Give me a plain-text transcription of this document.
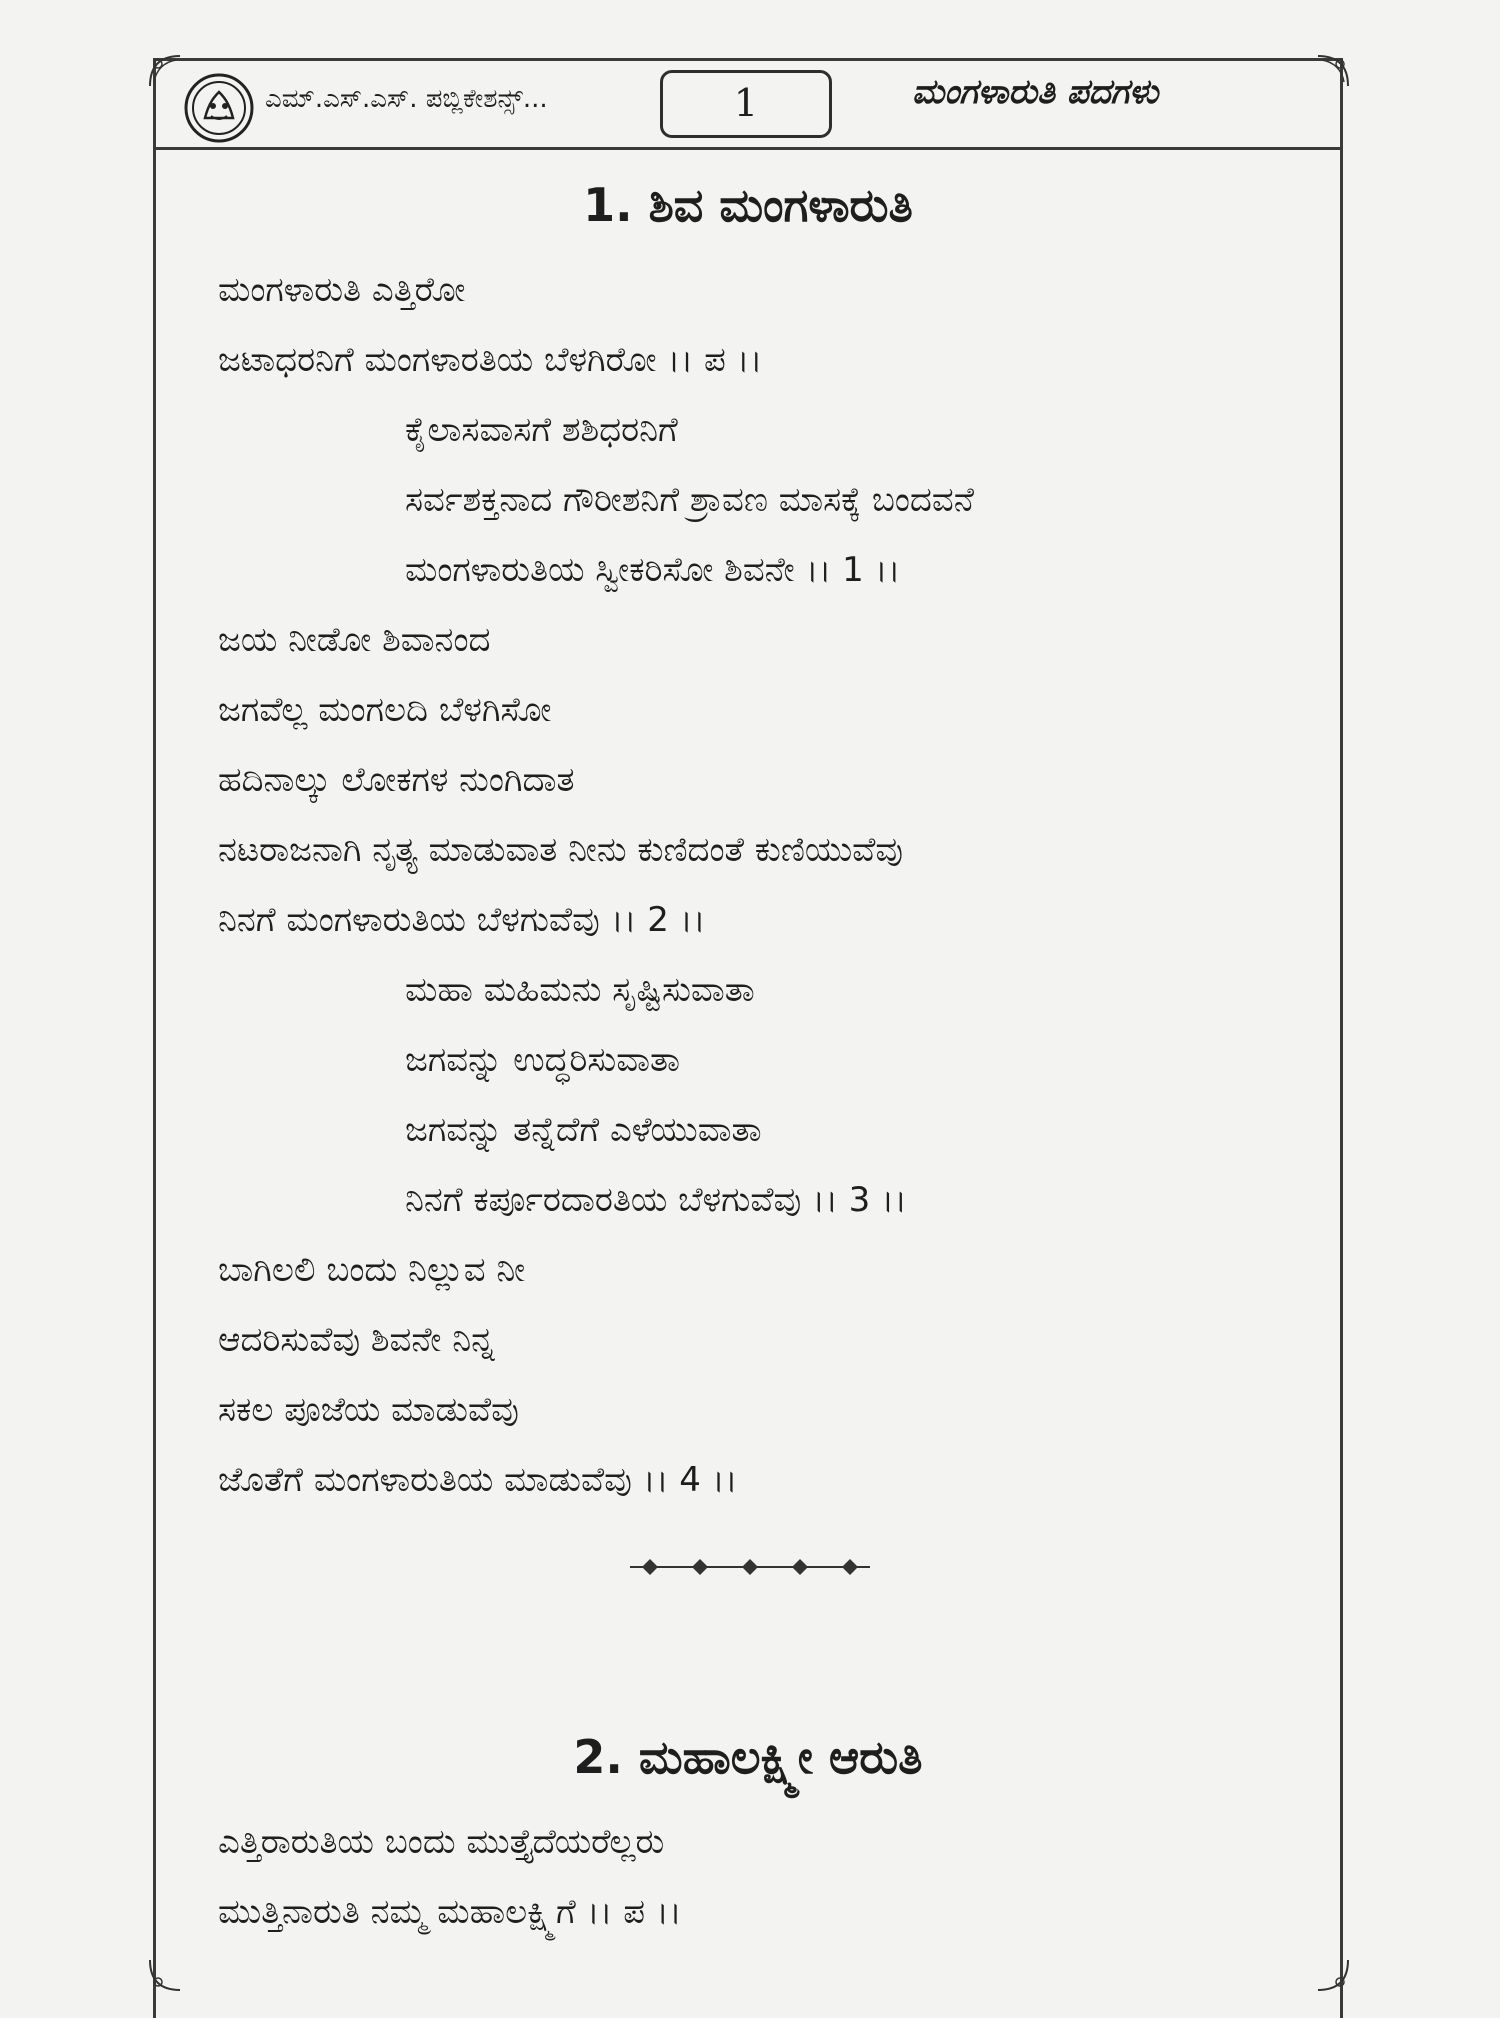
ಎಮ್.ಎಸ್.ಎಸ್. ಪಬ್ಲಿಕೇಶನ್ಸ್...	1	ಮಂಗಳಾರುತಿ ಪದಗಳು
1. ಶಿವ ಮಂಗಳಾರುತಿ
ಮಂಗಳಾರುತಿ ಎತ್ತಿರೋ
ಜಟಾಧರನಿಗೆ ಮಂಗಳಾರತಿಯ ಬೆಳಗಿರೋ ।। ಪ ।।
ಕೈಲಾಸವಾಸಗೆ ಶಶಿಧರನಿಗೆ
ಸರ್ವಶಕ್ತನಾದ ಗೌರೀಶನಿಗೆ ಶ್ರಾವಣ ಮಾಸಕ್ಕೆ ಬಂದವನೆ
ಮಂಗಳಾರುತಿಯ ಸ್ವೀಕರಿಸೋ ಶಿವನೇ ।। 1 ।।
ಜಯ ನೀಡೋ ಶಿವಾನಂದ
ಜಗವೆಲ್ಲ ಮಂಗಲದಿ ಬೆಳಗಿಸೋ
ಹದಿನಾಲ್ಕು ಲೋಕಗಳ ನುಂಗಿದಾತ
ನಟರಾಜನಾಗಿ ನೃತ್ಯ ಮಾಡುವಾತ ನೀನು ಕುಣಿದಂತೆ ಕುಣಿಯುವೆವು
ನಿನಗೆ ಮಂಗಳಾರುತಿಯ ಬೆಳಗುವೆವು ।। 2 ।।
ಮಹಾ ಮಹಿಮನು ಸೃಷ್ಟಿಸುವಾತಾ
ಜಗವನ್ನು ಉದ್ಧರಿಸುವಾತಾ
ಜಗವನ್ನು ತನ್ನೆದೆಗೆ ಎಳೆಯುವಾತಾ
ನಿನಗೆ ಕರ್ಪೂರದಾರತಿಯ ಬೆಳಗುವೆವು ।। 3 ।।
ಬಾಗಿಲಲಿ ಬಂದು ನಿಲ್ಲುವ ನೀ
ಆದರಿಸುವೆವು ಶಿವನೇ ನಿನ್ನ
ಸಕಲ ಪೂಜೆಯ ಮಾಡುವೆವು
ಜೊತೆಗೆ ಮಂಗಳಾರುತಿಯ ಮಾಡುವೆವು ।। 4 ।।
2. ಮಹಾಲಕ್ಷ್ಮೀ ಆರುತಿ
ಎತ್ತಿರಾರುತಿಯ ಬಂದು ಮುತ್ತೈದೆಯರೆಲ್ಲರು
ಮುತ್ತಿನಾರುತಿ ನಮ್ಮ ಮಹಾಲಕ್ಷ್ಮಿಗೆ ।। ಪ ।।
